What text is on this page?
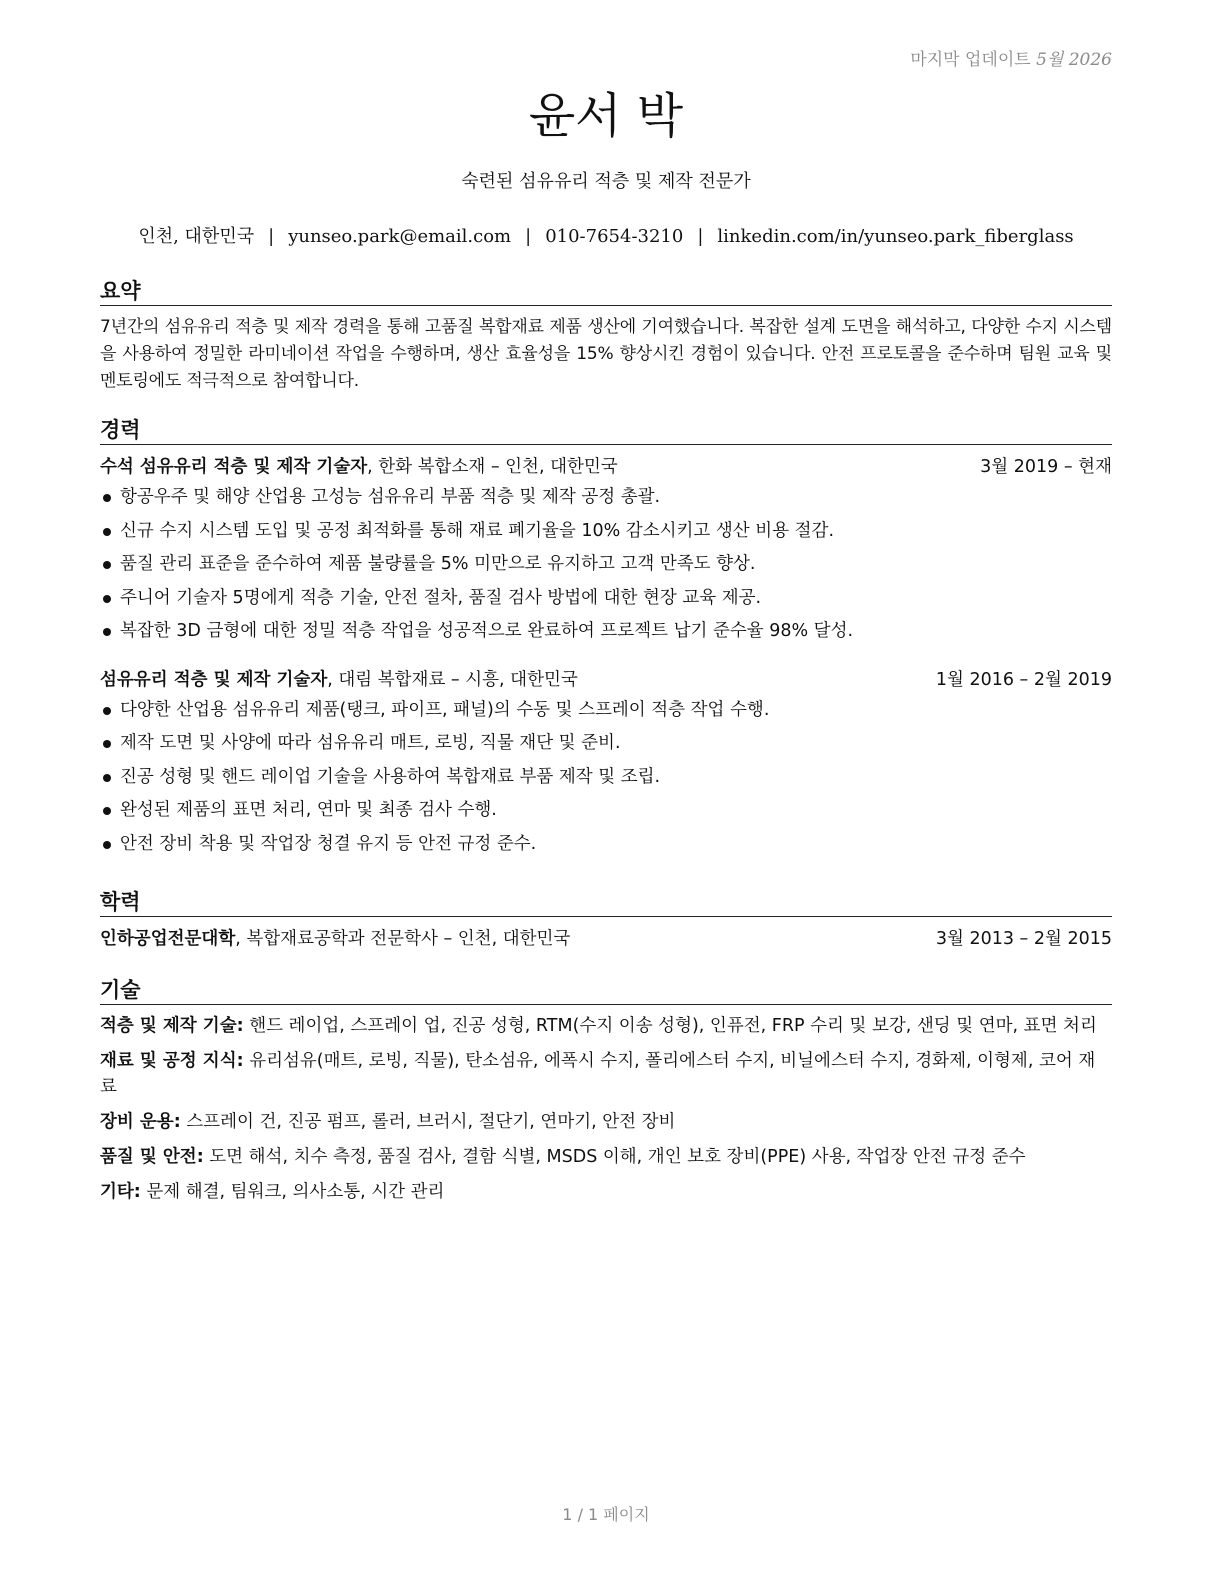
마지막 업데이트 5월 2026
윤서 박
숙련된 섬유유리 적층 및 제작 전문가
인천, 대한민국 | yunseo.park@email.com | 010-7654-3210 | linkedin.com/in/yunseo.park_fiberglass
요약
7년간의 섬유유리 적층 및 제작 경력을 통해 고품질 복합재료 제품 생산에 기여했습니다. 복잡한 설계 도면을 해석하고, 다양한 수지 시스템을 사용하여 정밀한 라미네이션 작업을 수행하며, 생산 효율성을 15% 향상시킨 경험이 있습니다. 안전 프로토콜을 준수하며 팀원 교육 및 멘토링에도 적극적으로 참여합니다.
경력
수석 섬유유리 적층 및 제작 기술자, 한화 복합소재 – 인천, 대한민국	3월 2019 – 현재
항공우주 및 해양 산업용 고성능 섬유유리 부품 적층 및 제작 공정 총괄.
신규 수지 시스템 도입 및 공정 최적화를 통해 재료 폐기율을 10% 감소시키고 생산 비용 절감.
품질 관리 표준을 준수하여 제품 불량률을 5% 미만으로 유지하고 고객 만족도 향상.
주니어 기술자 5명에게 적층 기술, 안전 절차, 품질 검사 방법에 대한 현장 교육 제공.
복잡한 3D 금형에 대한 정밀 적층 작업을 성공적으로 완료하여 프로젝트 납기 준수율 98% 달성.
섬유유리 적층 및 제작 기술자, 대림 복합재료 – 시흥, 대한민국	1월 2016 – 2월 2019
다양한 산업용 섬유유리 제품(탱크, 파이프, 패널)의 수동 및 스프레이 적층 작업 수행.
제작 도면 및 사양에 따라 섬유유리 매트, 로빙, 직물 재단 및 준비.
진공 성형 및 핸드 레이업 기술을 사용하여 복합재료 부품 제작 및 조립.
완성된 제품의 표면 처리, 연마 및 최종 검사 수행.
안전 장비 착용 및 작업장 청결 유지 등 안전 규정 준수.
학력
인하공업전문대학, 복합재료공학과 전문학사 – 인천, 대한민국	3월 2013 – 2월 2015
기술
적층 및 제작 기술: 핸드 레이업, 스프레이 업, 진공 성형, RTM(수지 이송 성형), 인퓨전, FRP 수리 및 보강, 샌딩 및 연마, 표면 처리
재료 및 공정 지식: 유리섬유(매트, 로빙, 직물), 탄소섬유, 에폭시 수지, 폴리에스터 수지, 비닐에스터 수지, 경화제, 이형제, 코어 재료
장비 운용: 스프레이 건, 진공 펌프, 롤러, 브러시, 절단기, 연마기, 안전 장비
품질 및 안전: 도면 해석, 치수 측정, 품질 검사, 결함 식별, MSDS 이해, 개인 보호 장비(PPE) 사용, 작업장 안전 규정 준수
기타: 문제 해결, 팀워크, 의사소통, 시간 관리
1 / 1 페이지
